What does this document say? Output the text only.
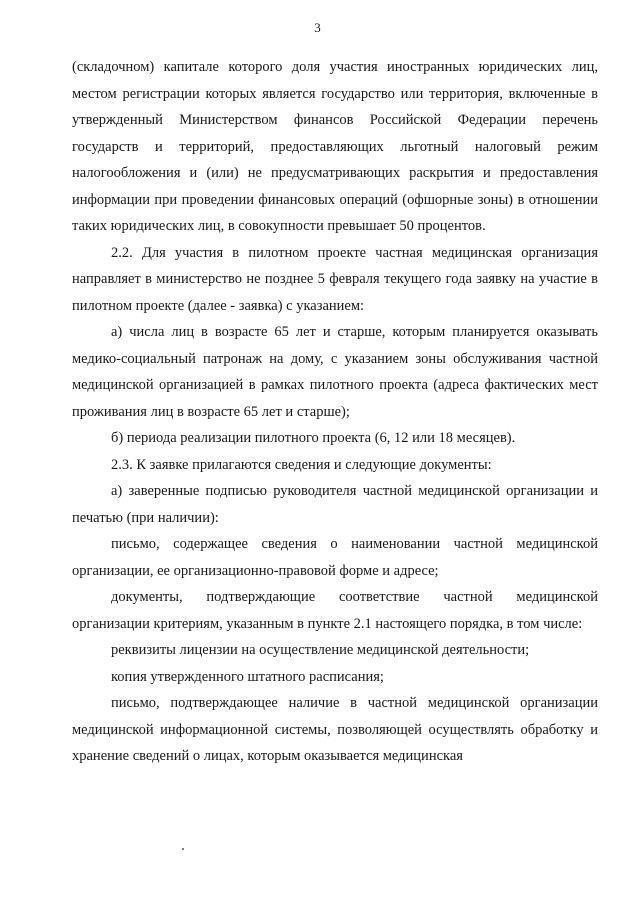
3

(складочном) капитале которого доля участия иностранных юридических лиц, местом регистрации которых является государство или территория, включенные в утвержденный Министерством финансов Российской Федерации перечень государств и территорий, предоставляющих льготный налоговый режим налогообложения и (или) не предусматривающих раскрытия и предоставления информации при проведении финансовых операций (офшорные зоны) в отношении таких юридических лиц, в совокупности превышает 50 процентов.

2.2. Для участия в пилотном проекте частная медицинская организация направляет в министерство не позднее 5 февраля текущего года заявку на участие в пилотном проекте (далее - заявка) с указанием:

а) числа лиц в возрасте 65 лет и старше, которым планируется оказывать медико-социальный патронаж на дому, с указанием зоны обслуживания частной медицинской организацией в рамках пилотного проекта (адреса фактических мест проживания лиц в возрасте 65 лет и старше);

б) периода реализации пилотного проекта (6, 12 или 18 месяцев).

2.3. К заявке прилагаются сведения и следующие документы:

а) заверенные подписью руководителя частной медицинской организации и печатью (при наличии):

письмо, содержащее сведения о наименовании частной медицинской организации, ее организационно-правовой форме и адресе;

документы, подтверждающие соответствие частной медицинской организации критериям, указанным в пункте 2.1 настоящего порядка, в том числе:

реквизиты лицензии на осуществление медицинской деятельности;

копия утвержденного штатного расписания;

письмо, подтверждающее наличие в частной медицинской организации медицинской информационной системы, позволяющей осуществлять обработку и хранение сведений о лицах, которым оказывается медицинская
